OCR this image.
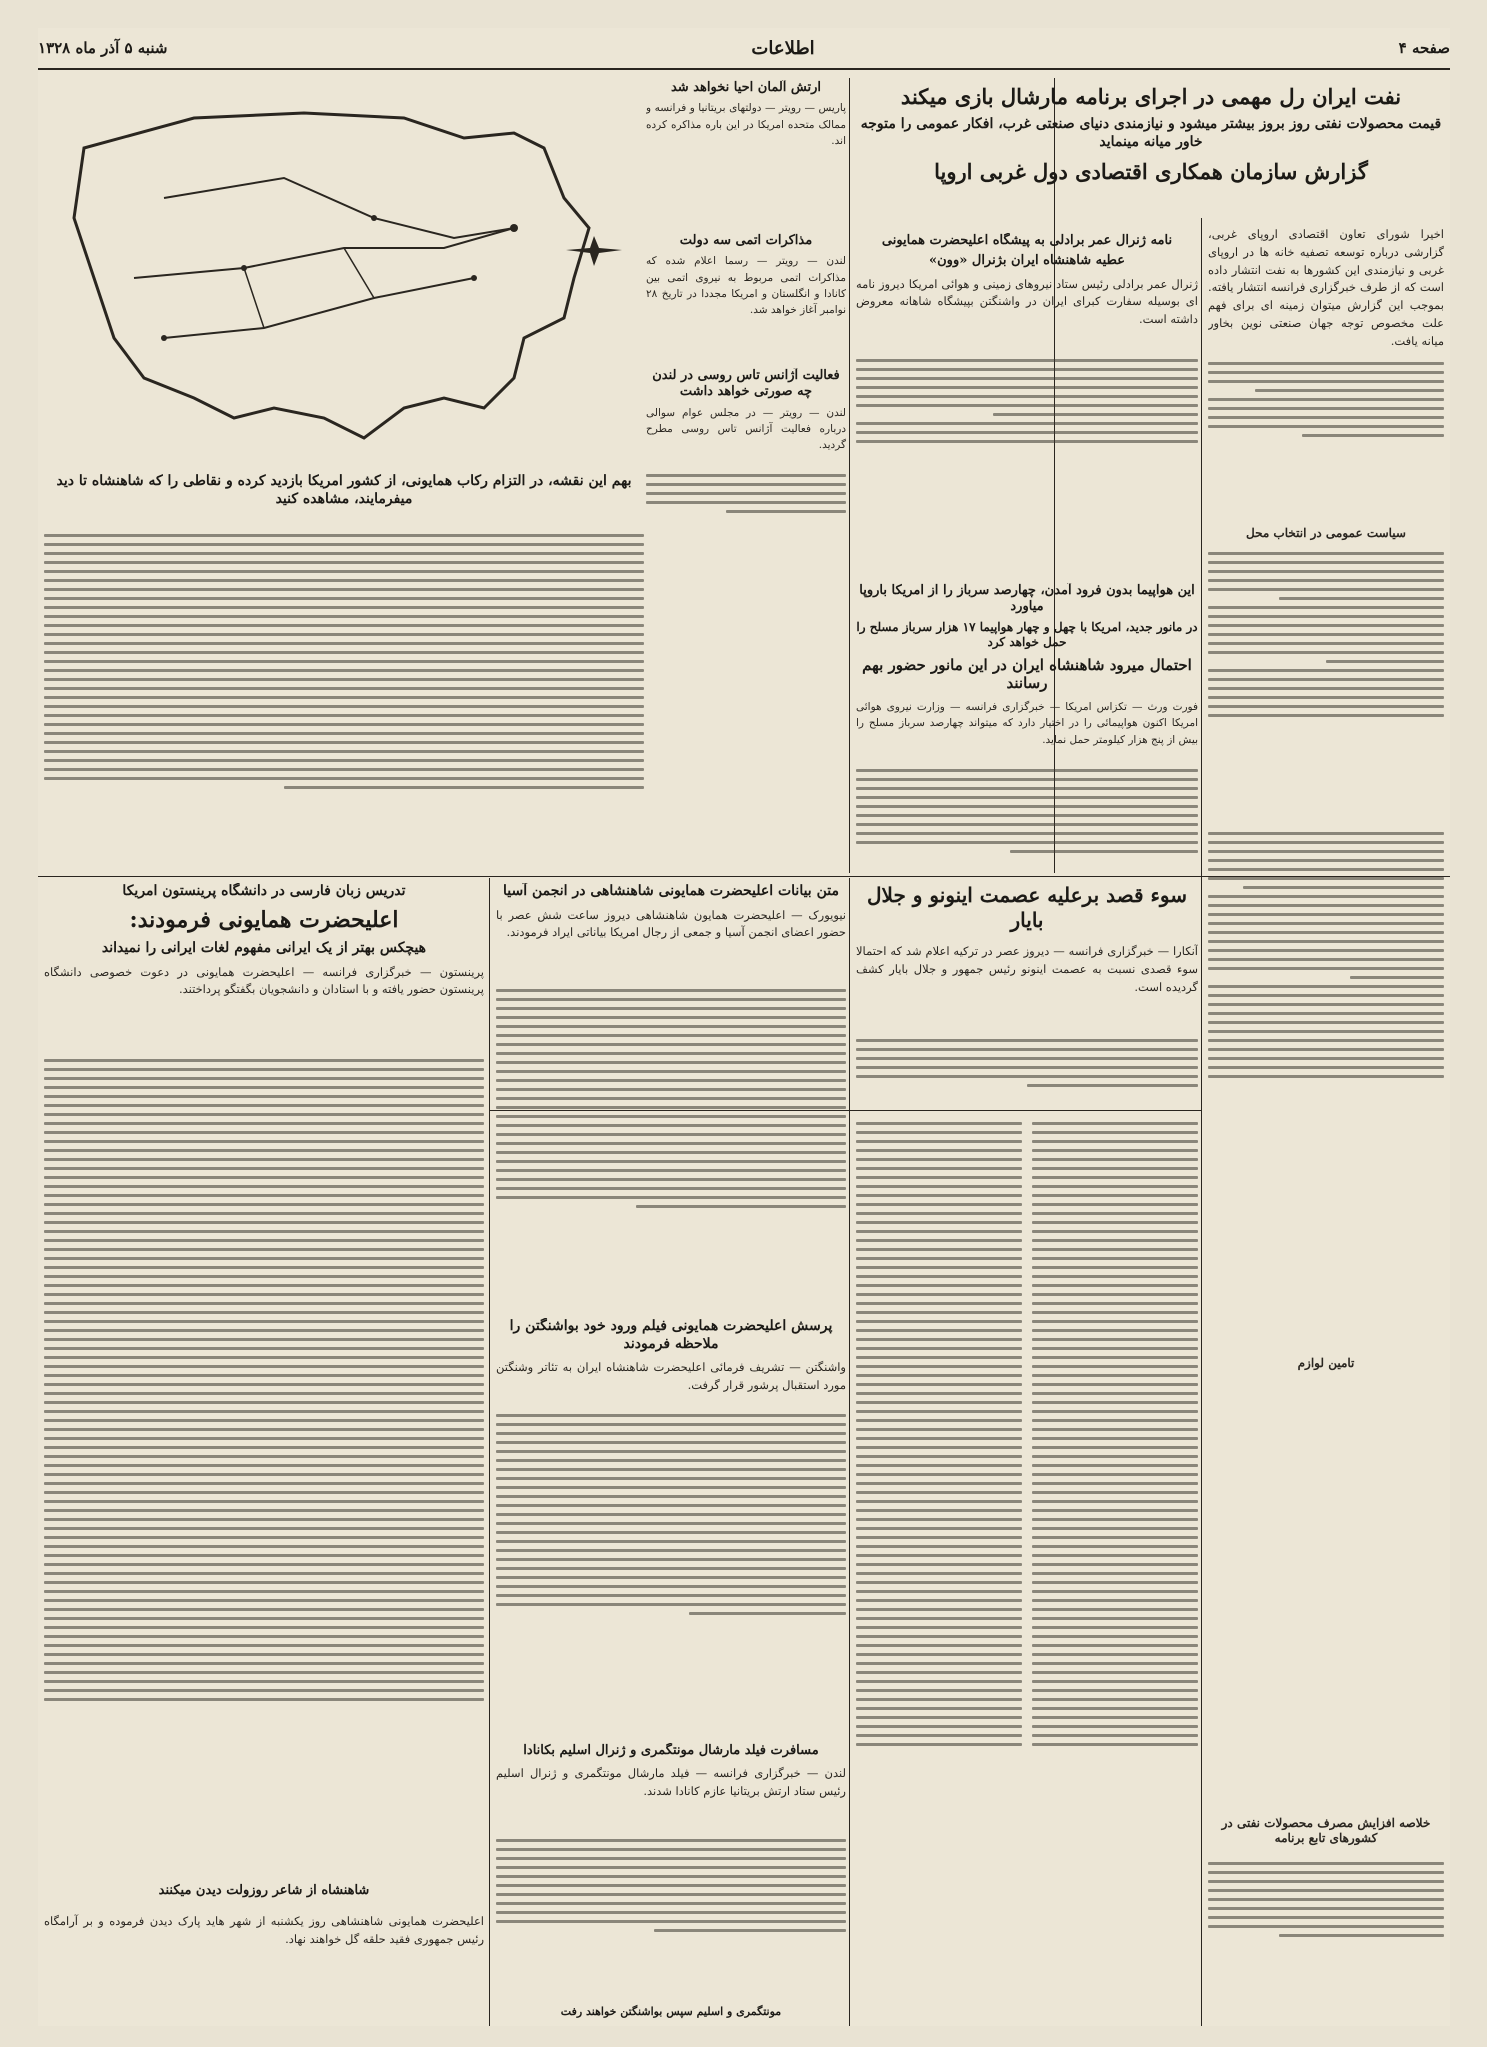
صفحه ۴
اطلاعات
شنبه ۵ آذر ماه ۱۳۲۸
نفت ایران رل مهمی در اجرای برنامه مارشال بازی میکند
قیمت محصولات نفتی روز بروز بیشتر میشود و نیازمندی دنیای صنعتی غرب، افکار عمومی را متوجه خاور میانه مینماید
گزارش سازمان همکاری اقتصادی دول غربی اروپا

اخیرا شورای تعاون اقتصادی اروپای غربی، گزارشی درباره توسعه تصفیه خانه ها در اروپای غربی و نیازمندی این کشورها به نفت انتشار داده است که از طرف خبرگزاری فرانسه انتشار یافته. بموجب این گزارش میتوان زمینه ای برای فهم علت مخصوص توجه جهان صنعتی نوین بخاور میانه یافت.

سیاست عمومی در انتخاب محل
تامین لوازم
خلاصه افزایش مصرف محصولات نفتی در کشورهای تابع برنامه
نامه ژنرال عمر برادلی به پیشگاه اعلیحضرت همایونی
عطیه شاهنشاه ایران بژنرال «وون»
ژنرال عمر برادلی رئیس ستاد نیروهای زمینی و هوائی امریکا دیروز نامه ای بوسیله سفارت کبرای ایران در واشنگتن بپیشگاه شاهانه معروض داشته است.
ارتش آلمان احیا نخواهد شد
پاریس — رویتر — دولتهای بریتانیا و فرانسه و ممالک متحده امریکا در این باره مذاکره کرده اند.
مذاکرات اتمی سه دولت
لندن — رویتر — رسما اعلام شده که مذاکرات اتمی مربوط به نیروی اتمی بین کانادا و انگلستان و امریکا مجددا در تاریخ ۲۸ نوامبر آغاز خواهد شد.
فعالیت آژانس تاس روسی در لندن چه صورتی خواهد داشت
لندن — رویتر — در مجلس عوام سوالی درباره فعالیت آژانس تاس روسی مطرح گردید.
بهم این نقشه، در التزام رکاب همایونی، از کشور امریکا بازدید کرده و نقاطی را که شاهنشاه تا دید میفرمایند، مشاهده کنید
این هواپیما بدون فرود آمدن، چهارصد سرباز را از امریکا باروپا میاورد
در مانور جدید، امریکا با چهل و چهار هواپیما ۱۷ هزار سرباز مسلح را حمل خواهد کرد
احتمال میرود شاهنشاه ایران در این مانور حضور بهم رسانند
فورت ورث — تکزاس امریکا — خبرگزاری فرانسه — وزارت نیروی هوائی امریکا اکنون هواپیمائی را در اختیار دارد که میتواند چهارصد سرباز مسلح را بیش از پنج هزار کیلومتر حمل نماید.
سوء قصد برعلیه عصمت اینونو و جلال بایار
آنکارا — خبرگزاری فرانسه — دیروز عصر در ترکیه اعلام شد که احتمالا سوء قصدی نسبت به عصمت اینونو رئیس جمهور و جلال بایار کشف گردیده است.
متن بیانات اعلیحضرت همایونی شاهنشاهی در انجمن آسیا
نیویورک — اعلیحضرت همایون شاهنشاهی دیروز ساعت شش عصر با حضور اعضای انجمن آسیا و جمعی از رجال امریکا بیاناتی ایراد فرمودند.
پرسش اعلیحضرت همایونی فیلم ورود خود بواشنگتن را ملاحظه فرمودند
واشنگتن — تشریف فرمائی اعلیحضرت شاهنشاه ایران به تئاتر وشنگتن مورد استقبال پرشور قرار گرفت.
مسافرت فیلد مارشال مونتگمری و ژنرال اسلیم بکانادا
لندن — خبرگزاری فرانسه — فیلد مارشال مونتگمری و ژنرال اسلیم رئیس ستاد ارتش بریتانیا عازم کانادا شدند.
مونتگمری و اسلیم سپس بواشنگتن خواهند رفت
تدریس زبان فارسی در دانشگاه پرینستون امریکا
اعلیحضرت همایونی فرمودند:
هیچکس بهتر از یک ایرانی مفهوم لغات ایرانی را نمیداند
پرینستون — خبرگزاری فرانسه — اعلیحضرت همایونی در دعوت خصوصی دانشگاه پرینستون حضور یافته و با استادان و دانشجویان بگفتگو پرداختند.
شاهنشاه از شاعر روزولت دیدن میکنند
اعلیحضرت همایونی شاهنشاهی روز یکشنبه از شهر هاید پارک دیدن فرموده و بر آرامگاه رئیس جمهوری فقید حلقه گل خواهند نهاد.
